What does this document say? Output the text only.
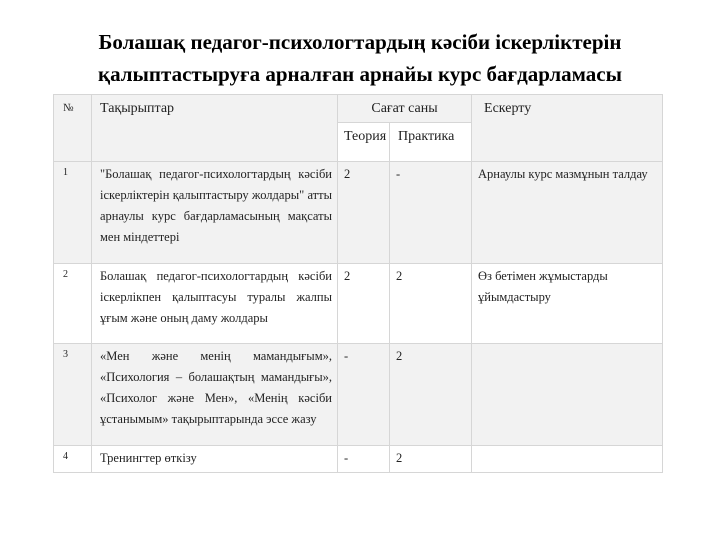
Болашақ педагог-психологтардың кәсіби іскерліктерін қалыптастыруға арналған арнайы курс бағдарламасы
№	Тақырыптар	Сағат саны		Ескерту
		Теория	Практика	
1	"Болашақ педагог-психологтардың кәсіби іскерліктерін қалыптастыру жолдары" атты арнаулы курс бағдарламасының мақсаты мен міндеттері	2	-	Арнаулы курс мазмұнын талдау
2	Болашақ педагог-психологтардың кәсіби іскерлікпен қалыптасуы туралы жалпы ұғым және оның даму жолдары	2	2	Өз бетімен жұмыстарды ұйымдастыру
3	«Мен және менің мамандығым», «Психология – болашақтың мамандығы», «Психолог және Мен», «Менің кәсіби ұстанымым» тақырыптарында эссе жазу	-	2	
4	Тренингтер өткізу	-	2	
